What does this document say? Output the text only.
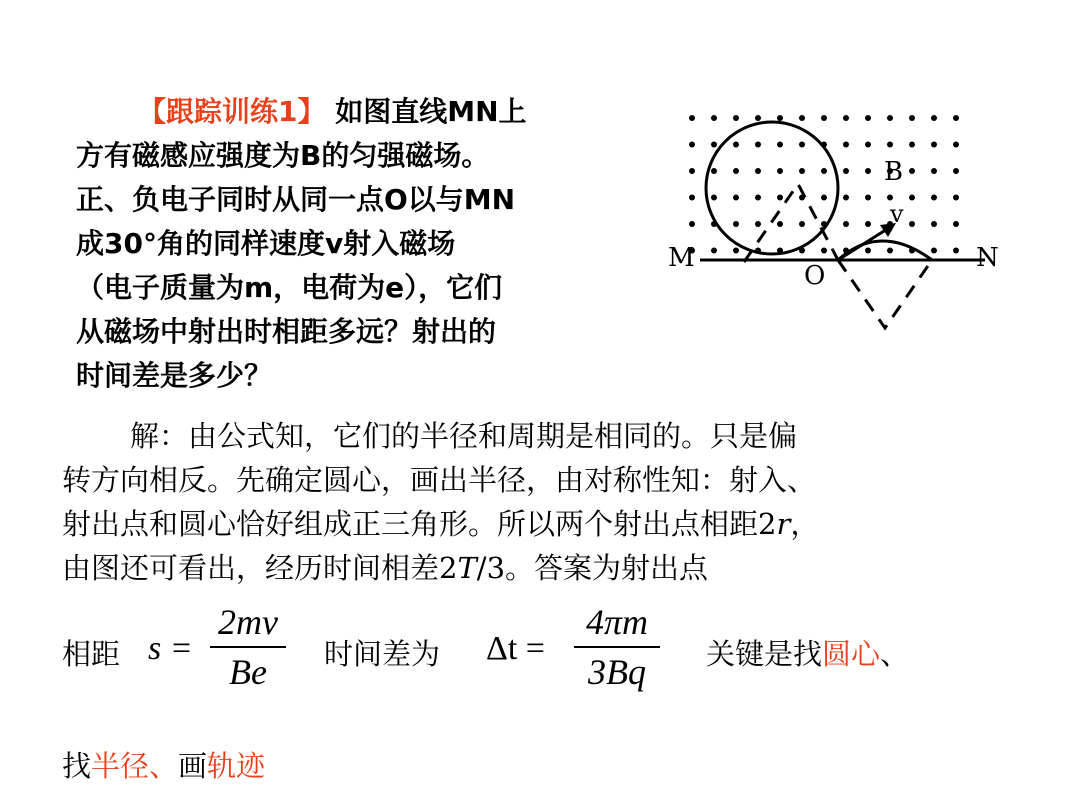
【跟踪训练1】 如图直线MN上
方有磁感应强度为B的匀强磁场。
正、负电子同时从同一点O以与MN
成30°角的同样速度v射入磁场
（电子质量为m，电荷为e），它们
从磁场中射出时相距多远？射出的
时间差是多少？
M	N
O
B
v
解：由公式知，它们的半径和周期是相同的。只是偏
转方向相反。先确定圆心，画出半径，由对称性知：射入、
射出点和圆心恰好组成正三角形。所以两个射出点相距2r，
由图还可看出，经历时间相差2T/3。答案为射出点
相距 s =
2mv
Be	时间差为 Δt =
4πm
3Bq	关键是找圆心、
找半径、画轨迹
